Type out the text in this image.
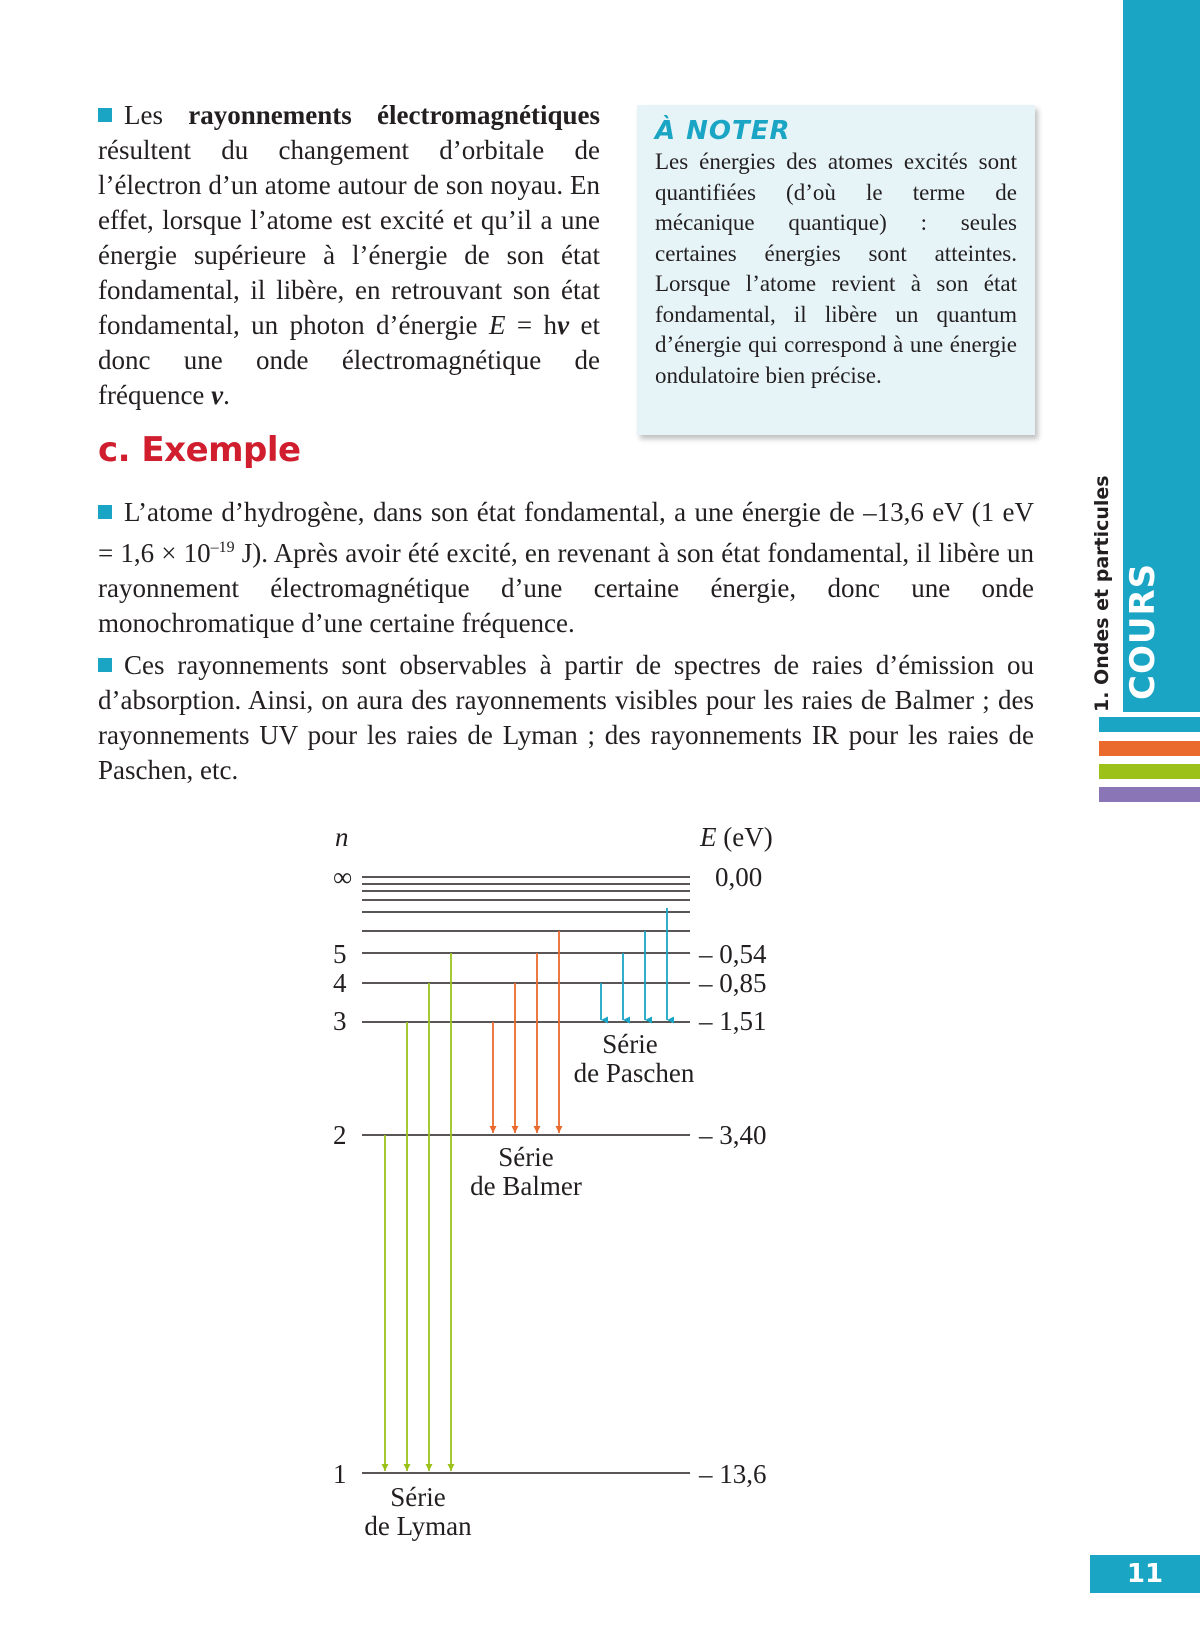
COURS
1. Ondes et particules
11

Les rayonnements électromagnétiques résultent du changement d’orbitale de l’électron d’un atome autour de son noyau. En effet, lorsque l’atome est excité et qu’il a une énergie supérieure à l’énergie de son état fondamental, il libère, en retrouvant son état fondamental, un photon d’énergie E = hν et donc une onde électromagnétique de fréquence ν.

À NOTER
Les énergies des atomes excités sont quantifiées (d’où le terme de mécanique quantique) : seules certaines énergies sont atteintes. Lorsque l’atome revient à son état fondamental, il libère un quantum d’énergie qui correspond à une énergie ondulatoire bien précise.
c. Exemple

L’atome d’hydrogène, dans son état fondamental, a une énergie de –13,6 eV (1 eV = $1,6 \times 10^{-19}$ J). Après avoir été excité, en revenant à son état fondamental, il libère un rayonnement électromagnétique d’une certaine énergie, donc une onde monochromatique d’une certaine fréquence.

Ces rayonnements sont observables à partir de spectres de raies d’émission ou d’absorption. Ainsi, on aura des rayonnements visibles pour les raies de Balmer ; des rayonnements UV pour les raies de Lyman ; des rayonnements IR pour les raies de Paschen, etc.

n	E (eV)
∞
5
4
3
2
1
0,00
– 0,54
– 0,85
– 1,51
– 3,40
– 13,6
Série
de Paschen
Série
de Balmer
Série
de Lyman
